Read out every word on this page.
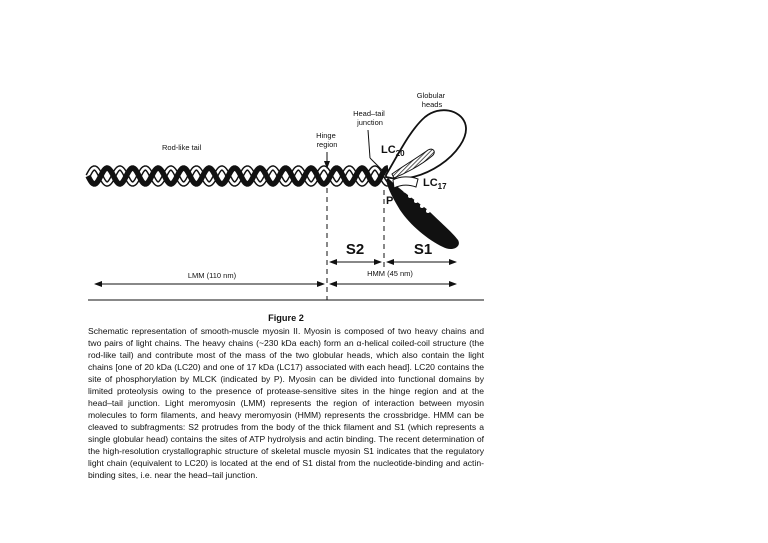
Rod-like tail
Hinge region
Head–tail junction
Globular heads
$LC_{20}$
$LC_{17}$
P
S2	S1
LMM (110 nm)	HMM (45 nm)
Figure 2
Schematic representation of smooth-muscle myosin II. Myosin is composed of two heavy chains and two pairs of light chains. The heavy chains (~230 kDa each) form an α-helical coiled-coil structure (the rod-like tail) and contribute most of the mass of the two globular heads, which also contain the light chains [one of 20 kDa (LC20) and one of 17 kDa (LC17) associated with each head]. LC20 contains the site of phosphorylation by MLCK (indicated by P). Myosin can be divided into functional domains by limited proteolysis owing to the presence of protease-sensitive sites in the hinge region and at the head–tail junction. Light meromyosin (LMM) represents the region of interaction between myosin molecules to form filaments, and heavy meromyosin (HMM) represents the crossbridge. HMM can be cleaved to subfragments: S2 protrudes from the body of the thick filament and S1 (which represents a single globular head) contains the sites of ATP hydrolysis and actin binding. The recent determination of the high-resolution crystallographic structure of skeletal muscle myosin S1 indicates that the regulatory light chain (equivalent to LC20) is located at the end of S1 distal from the nucleotide-binding and actin-binding sites, i.e. near the head–tail junction.
